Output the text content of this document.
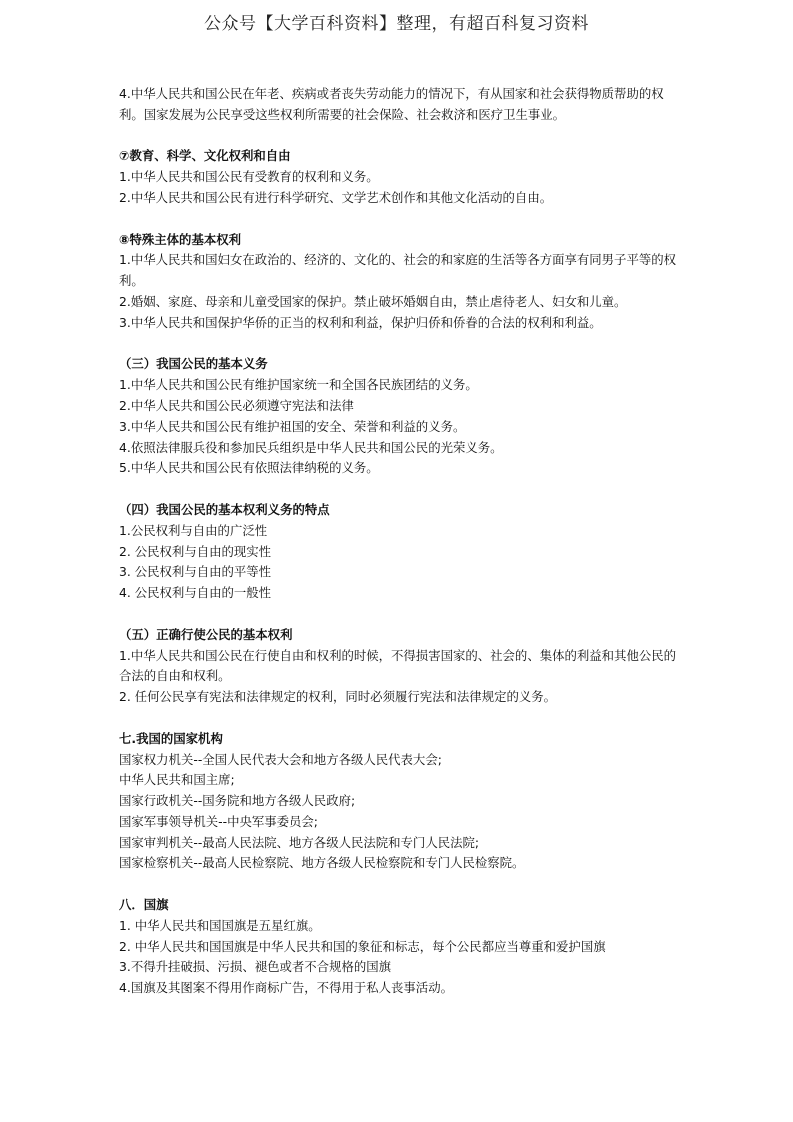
公众号【大学百科资料】整理，有超百科复习资料

4.中华人民共和国公民在年老、疾病或者丧失劳动能力的情况下，有从国家和社会获得物质帮助的权利。国家发展为公民享受这些权利所需要的社会保险、社会救济和医疗卫生事业。

⑦教育、科学、文化权利和自由

1.中华人民共和国公民有受教育的权利和义务。

2.中华人民共和国公民有进行科学研究、文学艺术创作和其他文化活动的自由。

⑧特殊主体的基本权利

1.中华人民共和国妇女在政治的、经济的、文化的、社会的和家庭的生活等各方面享有同男子平等的权利。

2.婚姻、家庭、母亲和儿童受国家的保护。禁止破坏婚姻自由，禁止虐待老人、妇女和儿童。

3.中华人民共和国保护华侨的正当的权利和利益，保护归侨和侨眷的合法的权利和利益。

（三）我国公民的基本义务

1.中华人民共和国公民有维护国家统一和全国各民族团结的义务。

2.中华人民共和国公民必须遵守宪法和法律

3.中华人民共和国公民有维护祖国的安全、荣誉和利益的义务。

4.依照法律服兵役和参加民兵组织是中华人民共和国公民的光荣义务。

5.中华人民共和国公民有依照法律纳税的义务。

（四）我国公民的基本权利义务的特点

1.公民权利与自由的广泛性

2. 公民权利与自由的现实性

3. 公民权利与自由的平等性

4. 公民权利与自由的一般性

（五）正确行使公民的基本权利

1.中华人民共和国公民在行使自由和权利的时候，不得损害国家的、社会的、集体的利益和其他公民的合法的自由和权利。

2. 任何公民享有宪法和法律规定的权利，同时必须履行宪法和法律规定的义务。

七.我国的国家机构

国家权力机关--全国人民代表大会和地方各级人民代表大会;

中华人民共和国主席;

国家行政机关--国务院和地方各级人民政府;

国家军事领导机关--中央军事委员会;

国家审判机关--最高人民法院、地方各级人民法院和专门人民法院;

国家检察机关--最高人民检察院、地方各级人民检察院和专门人民检察院。

八．国旗

1. 中华人民共和国国旗是五星红旗。

2. 中华人民共和国国旗是中华人民共和国的象征和标志，每个公民都应当尊重和爱护国旗

3.不得升挂破损、污损、褪色或者不合规格的国旗

4.国旗及其图案不得用作商标广告，不得用于私人丧事活动。
